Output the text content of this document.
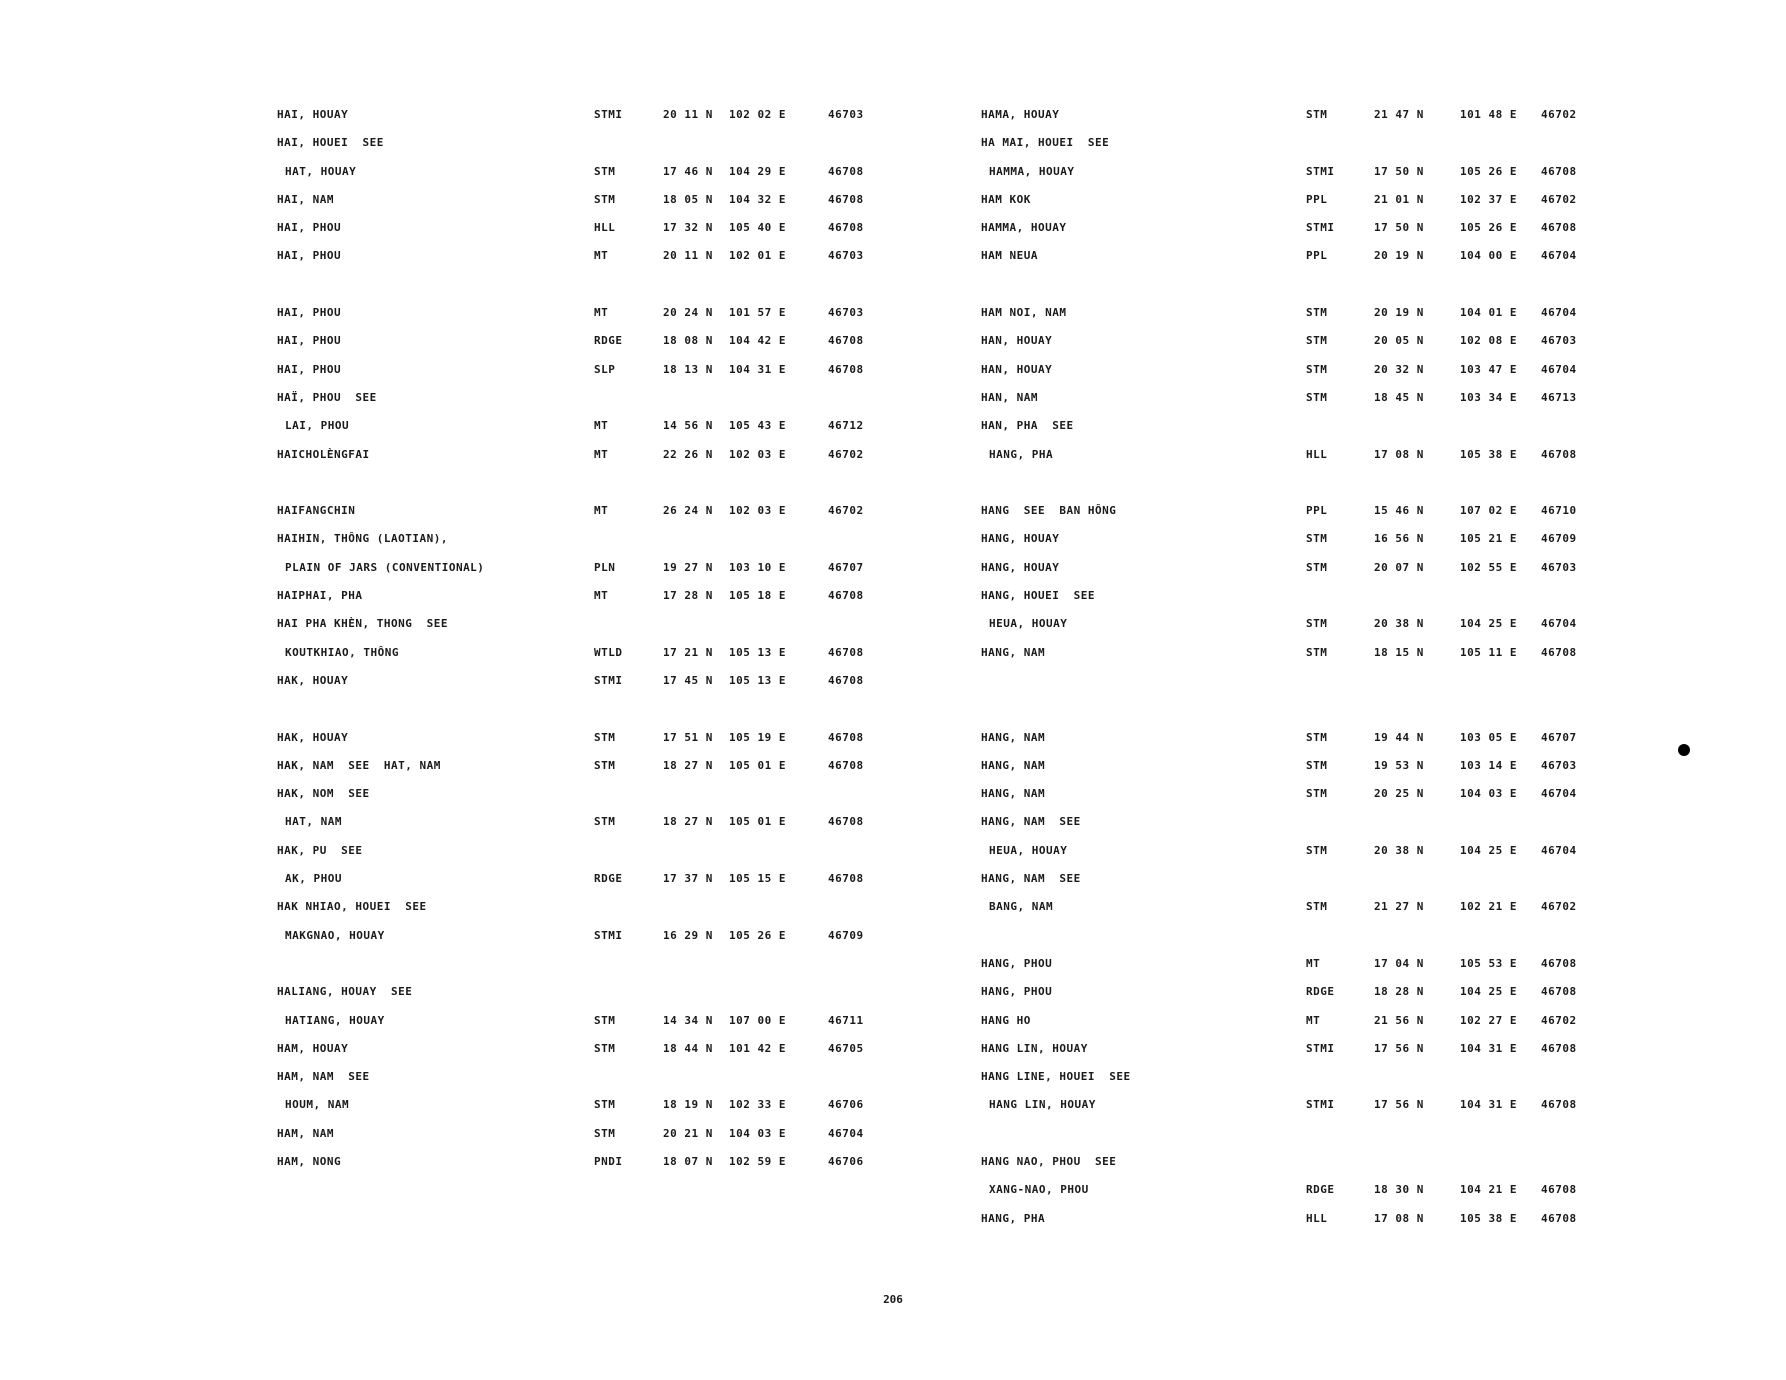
HAI, HOUAY	STMI	20 11 N 102 02 E	46703
HAI, HOUEI  SEE
HAT, HOUAY	STM	17 46 N 104 29 E	46708
HAI, NAM	STM	18 05 N 104 32 E	46708
HAI, PHOU	HLL	17 32 N 105 40 E	46708
HAI, PHOU	MT	20 11 N 102 01 E	46703
HAI, PHOU	MT	20 24 N 101 57 E	46703
HAI, PHOU	RDGE	18 08 N 104 42 E	46708
HAI, PHOU	SLP	18 13 N 104 31 E	46708
HAÏ, PHOU  SEE
LAI, PHOU	MT	14 56 N 105 43 E	46712
HAICHOLÈNGFAI	MT	22 26 N 102 03 E	46702
HAIFANGCHIN	MT	26 24 N 102 03 E	46702
HAIHIN, THÔNG (LAOTIAN),
PLAIN OF JARS (CONVENTIONAL)	PLN	19 27 N 103 10 E	46707
HAIPHAI, PHA	MT	17 28 N 105 18 E	46708
HAI PHA KHÈN, THONG  SEE
KOUTKHIAO, THÔNG	WTLD	17 21 N 105 13 E	46708
HAK, HOUAY	STMI	17 45 N 105 13 E	46708
HAK, HOUAY	STM	17 51 N 105 19 E	46708
HAK, NAM  SEE  HAT, NAM	STM	18 27 N 105 01 E	46708
HAK, NOM  SEE
HAT, NAM	STM	18 27 N 105 01 E	46708
HAK, PU  SEE
AK, PHOU	RDGE	17 37 N 105 15 E	46708
HAK NHIAO, HOUEI  SEE
MAKGNAO, HOUAY	STMI	16 29 N 105 26 E	46709
HALIANG, HOUAY  SEE
HATIANG, HOUAY	STM	14 34 N 107 00 E	46711
HAM, HOUAY	STM	18 44 N 101 42 E	46705
HAM, NAM  SEE
HOUM, NAM	STM	18 19 N 102 33 E	46706
HAM, NAM	STM	20 21 N 104 03 E	46704
HAM, NONG	PNDI	18 07 N 102 59 E	46706
HAMA, HOUAY	STM	21 47 N	101 48 E 46702
HA MAI, HOUEI  SEE
HAMMA, HOUAY	STMI	17 50 N	105 26 E 46708
HAM KOK	PPL	21 01 N	102 37 E 46702
HAMMA, HOUAY	STMI	17 50 N	105 26 E 46708
HAM NEUA	PPL	20 19 N	104 00 E 46704
HAM NOI, NAM	STM	20 19 N	104 01 E 46704
HAN, HOUAY	STM	20 05 N	102 08 E 46703
HAN, HOUAY	STM	20 32 N	103 47 E 46704
HAN, NAM	STM	18 45 N	103 34 E 46713
HAN, PHA  SEE
HANG, PHA	HLL	17 08 N	105 38 E 46708
HANG  SEE  BAN HÔNG	PPL	15 46 N	107 02 E 46710
HANG, HOUAY	STM	16 56 N	105 21 E 46709
HANG, HOUAY	STM	20 07 N	102 55 E 46703
HANG, HOUEI  SEE
HEUA, HOUAY	STM	20 38 N	104 25 E 46704
HANG, NAM	STM	18 15 N	105 11 E 46708
HANG, NAM	STM	19 44 N	103 05 E 46707
HANG, NAM	STM	19 53 N	103 14 E 46703
HANG, NAM	STM	20 25 N	104 03 E 46704
HANG, NAM  SEE
HEUA, HOUAY	STM	20 38 N	104 25 E 46704
HANG, NAM  SEE
BANG, NAM	STM	21 27 N	102 21 E 46702
HANG, PHOU	MT	17 04 N	105 53 E 46708
HANG, PHOU	RDGE	18 28 N	104 25 E 46708
HANG HO	MT	21 56 N	102 27 E 46702
HANG LIN, HOUAY	STMI	17 56 N	104 31 E 46708
HANG LINE, HOUEI  SEE
HANG LIN, HOUAY	STMI	17 56 N	104 31 E 46708
HANG NAO, PHOU  SEE
XANG-NAO, PHOU	RDGE	18 30 N	104 21 E 46708
HANG, PHA	HLL	17 08 N	105 38 E 46708
206
